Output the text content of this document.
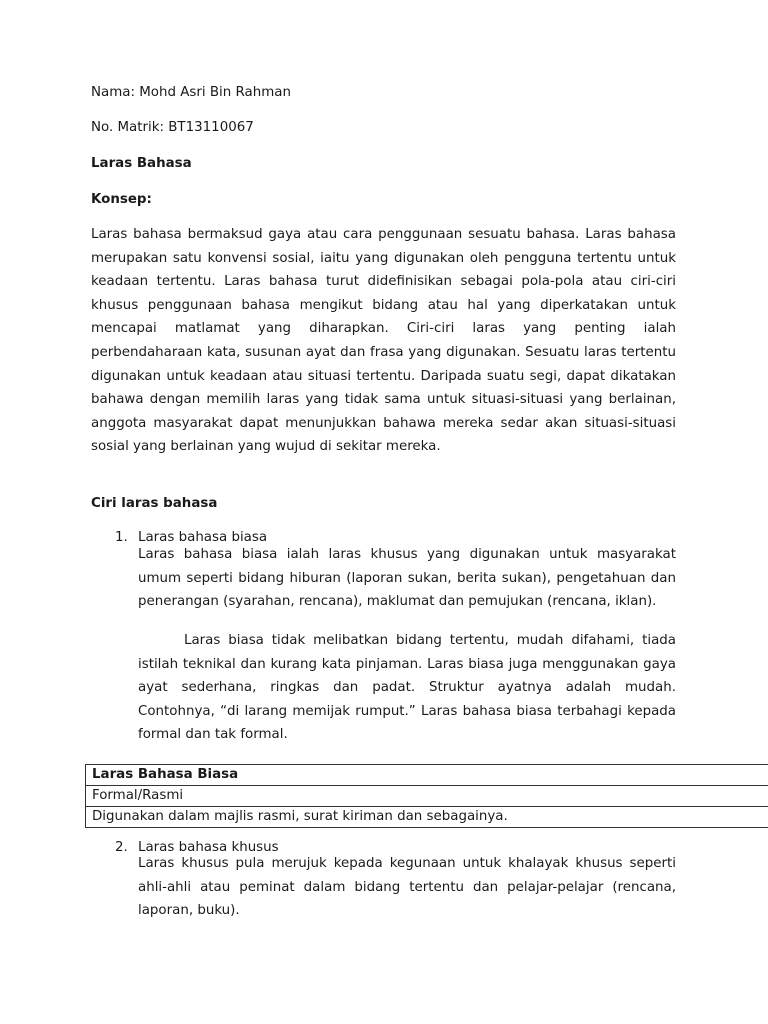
Nama: Mohd Asri Bin Rahman
No. Matrik: BT13110067
Laras Bahasa
Konsep:

Laras bahasa bermaksud gaya atau cara penggunaan sesuatu bahasa. Laras bahasa merupakan satu konvensi sosial, iaitu yang digunakan oleh pengguna tertentu untuk keadaan tertentu. Laras bahasa turut didefinisikan sebagai pola-pola atau ciri-ciri khusus penggunaan bahasa mengikut bidang atau hal yang diperkatakan untuk mencapai matlamat yang diharapkan. Ciri-ciri laras yang penting ialah perbendaharaan kata, susunan ayat dan frasa yang digunakan. Sesuatu laras tertentu digunakan untuk keadaan atau situasi tertentu. Daripada suatu segi, dapat dikatakan bahawa dengan memilih laras yang tidak sama untuk situasi-situasi yang berlainan, anggota masyarakat dapat menunjukkan bahawa mereka sedar akan situasi-situasi sosial yang berlainan yang wujud di sekitar mereka.

Ciri laras bahasa
1. Laras bahasa biasa

Laras bahasa biasa ialah laras khusus yang digunakan untuk masyarakat umum seperti bidang hiburan (laporan sukan, berita sukan), pengetahuan dan penerangan (syarahan, rencana), maklumat dan pemujukan (rencana, iklan).

Laras biasa tidak melibatkan bidang tertentu, mudah difahami, tiada istilah teknikal dan kurang kata pinjaman. Laras biasa juga menggunakan gaya ayat sederhana, ringkas dan padat. Struktur ayatnya adalah mudah. Contohnya, “di larang memijak rumput.” Laras bahasa biasa terbahagi kepada formal dan tak formal.

Laras Bahasa Biasa
Formal/Rasmi
Digunakan dalam majlis rasmi, surat kiriman dan sebagainya.
2. Laras bahasa khusus

Laras khusus pula merujuk kepada kegunaan untuk khalayak khusus seperti ahli-ahli atau peminat dalam bidang tertentu dan pelajar-pelajar (rencana, laporan, buku).
